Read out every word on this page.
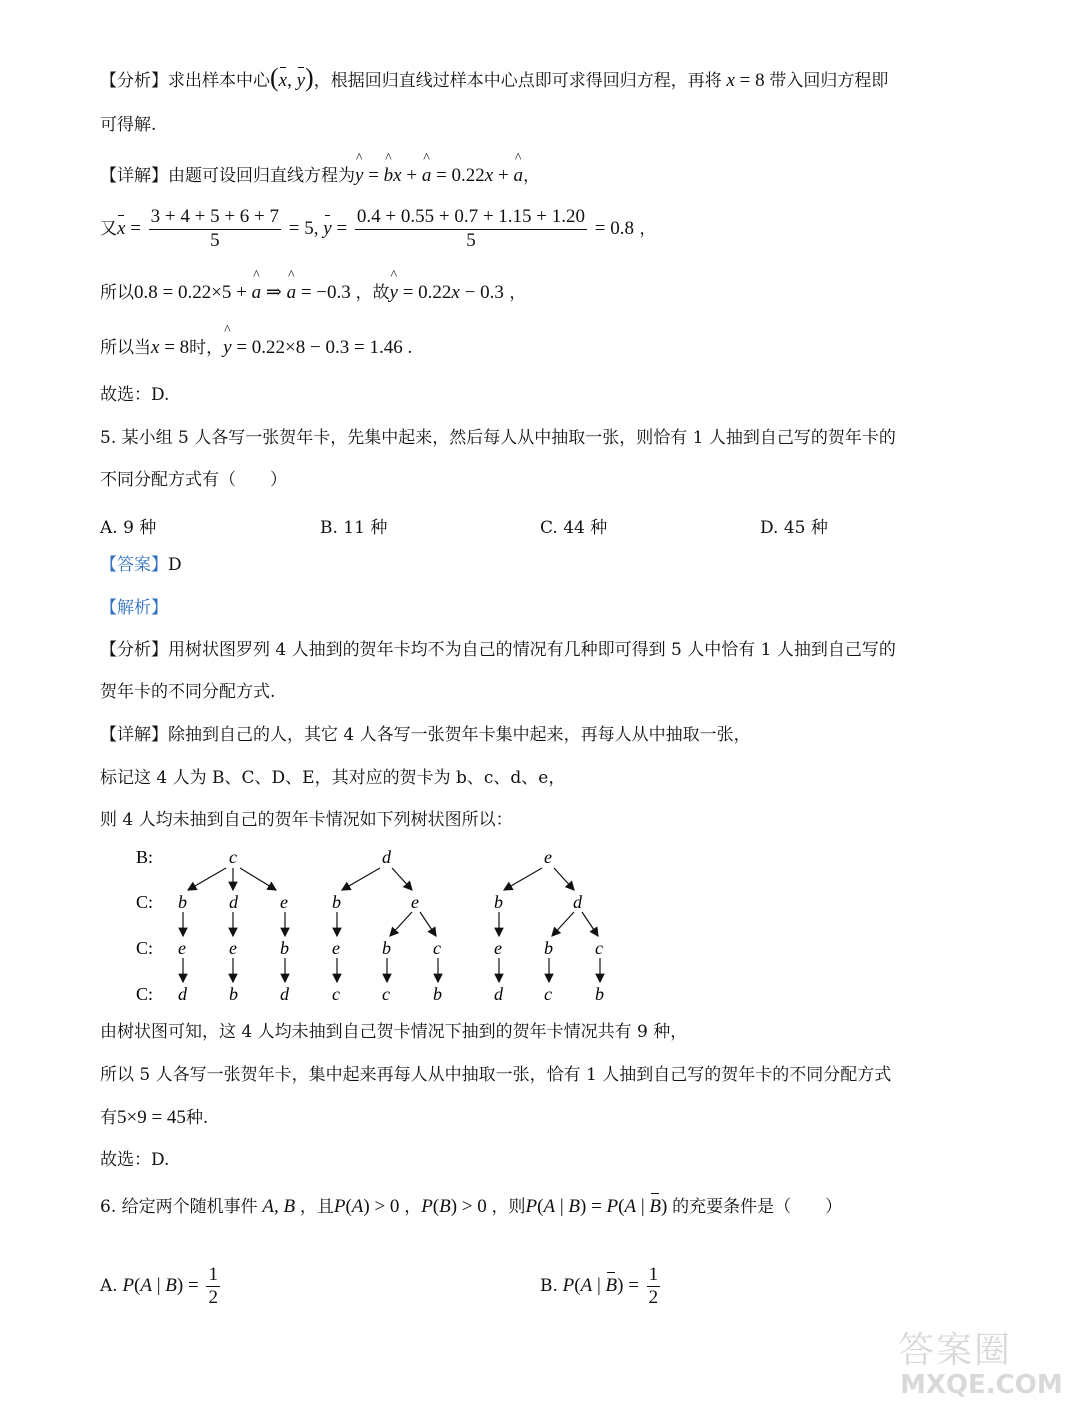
【分析】求出样本中心(x, y)，根据回归直线过样本中心点即可求得回归方程，再将 x = 8 带入回归方程即
可得解.
【详解】由题可设回归直线方程为^ y = ^ bx + ^ a = 0.22x + ^ a，
又$x = \frac{3 + 4 + 5 + 6 + 7}{5} = 5$, $y = \frac{0.4 + 0.55 + 0.7 + 1.15 + 1.20}{5} = 0.8$ ，
所以0.8 = 0.22×5 + ^ a ⇒ ^ a = −0.3 ，故^ y = 0.22x − 0.3 ，
所以当x = 8时，^ y = 0.22×8 − 0.3 = 1.46 .
故选：D.
5. 某小组 5 人各写一张贺年卡，先集中起来，然后每人从中抽取一张，则恰有 1 人抽到自己写的贺年卡的
不同分配方式有（　　）
A. 9 种	B. 11 种	C. 44 种	D. 45 种
【答案】D
【解析】
【分析】用树状图罗列 4 人抽到的贺年卡均不为自己的情况有几种即可得到 5 人中恰有 1 人抽到自己写的
贺年卡的不同分配方式.
【详解】除抽到自己的人，其它 4 人各写一张贺年卡集中起来，再每人从中抽取一张，
标记这 4 人为 B、C、D、E，其对应的贺卡为 b、c、d、e，
则 4 人均未抽到自己的贺年卡情况如下列树状图所以：
B:
C:
C:
C:
c
b d e
e e b
d b d
d
b	e
e b c
c c b
e
b	d
e b c
d c b
由树状图可知，这 4 人均未抽到自己贺卡情况下抽到的贺年卡情况共有 9 种，
所以 5 人各写一张贺年卡，集中起来再每人从中抽取一张，恰有 1 人抽到自己写的贺年卡的不同分配方式
有5×9 = 45种.
故选：D.
6. 给定两个随机事件 A, B ，且P(A) > 0 ，P(B) > 0 ，则P(A | B) = P(A | B) 的充要条件是（　　）
A. P(A | $B) = \frac{1}{2}$	B. P(A | $B) = \frac{1}{2}$
答案圈
MXQE.COM
